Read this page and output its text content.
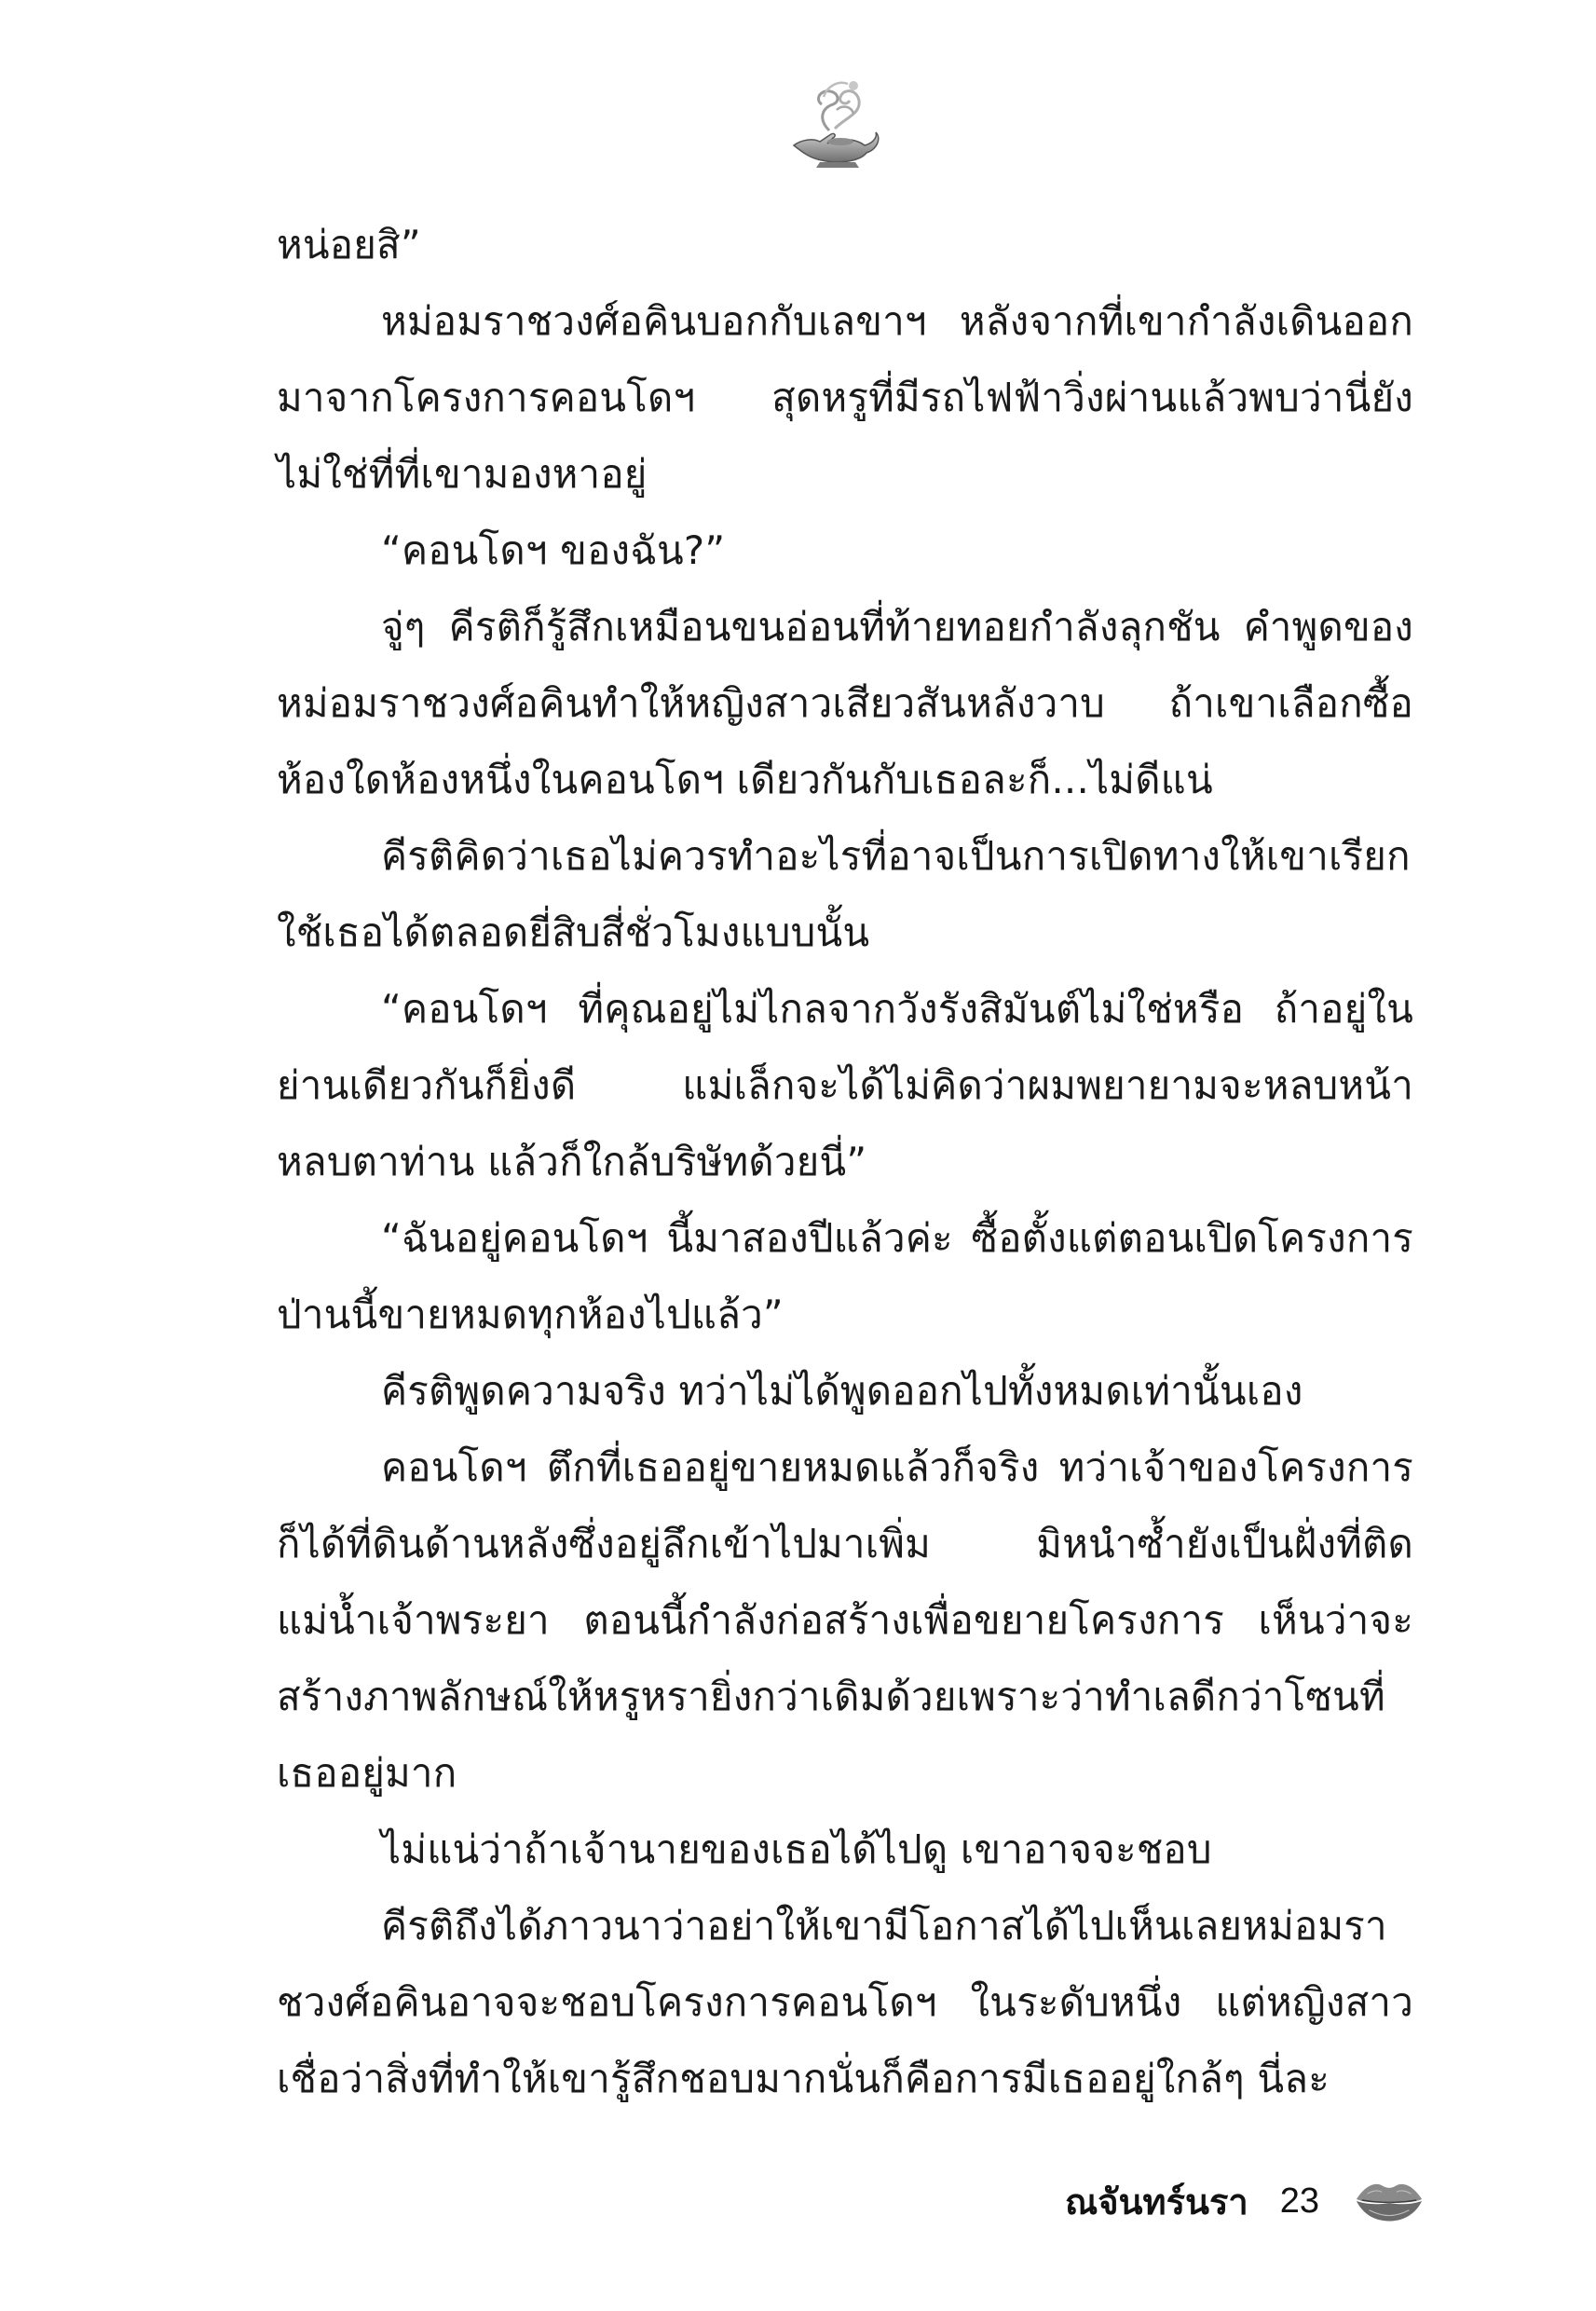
หน่อยสิ”

หม่อมราชวงศ์อคินบอกกับเลขาฯ หลังจากที่เขากำลังเดินออกมาจากโครงการคอนโดฯ สุดหรูที่มีรถไฟฟ้าวิ่งผ่านแล้วพบว่านี่ยังไม่ใช่ที่ที่เขามองหาอยู่

“คอนโดฯ ของฉัน?”

จู่ๆ คีรติก็รู้สึกเหมือนขนอ่อนที่ท้ายทอยกำลังลุกชัน คำพูดของหม่อมราชวงศ์อคินทำให้หญิงสาวเสียวสันหลังวาบ ถ้าเขาเลือกซื้อห้องใดห้องหนึ่งในคอนโดฯ เดียวกันกับเธอละก็...ไม่ดีแน่

คีรติคิดว่าเธอไม่ควรทำอะไรที่อาจเป็นการเปิดทางให้เขาเรียกใช้เธอได้ตลอดยี่สิบสี่ชั่วโมงแบบนั้น

“คอนโดฯ ที่คุณอยู่ไม่ไกลจากวังรังสิมันต์ไม่ใช่หรือ ถ้าอยู่ในย่านเดียวกันก็ยิ่งดี แม่เล็กจะได้ไม่คิดว่าผมพยายามจะหลบหน้าหลบตาท่าน แล้วก็ใกล้บริษัทด้วยนี่”

“ฉันอยู่คอนโดฯ นี้มาสองปีแล้วค่ะ ซื้อตั้งแต่ตอนเปิดโครงการป่านนี้ขายหมดทุกห้องไปแล้ว”

คีรติพูดความจริง ทว่าไม่ได้พูดออกไปทั้งหมดเท่านั้นเอง

คอนโดฯ ตึกที่เธออยู่ขายหมดแล้วก็จริง ทว่าเจ้าของโครงการก็ได้ที่ดินด้านหลังซึ่งอยู่ลึกเข้าไปมาเพิ่ม มิหนำซ้ำยังเป็นฝั่งที่ติดแม่น้ำเจ้าพระยา ตอนนี้กำลังก่อสร้างเพื่อขยายโครงการ เห็นว่าจะสร้างภาพลักษณ์ให้หรูหรายิ่งกว่าเดิมด้วยเพราะว่าทำเลดีกว่าโซนที่เธออยู่มาก

ไม่แน่ว่าถ้าเจ้านายของเธอได้ไปดู เขาอาจจะชอบ

คีรติถึงได้ภาวนาว่าอย่าให้เขามีโอกาสได้ไปเห็นเลยหม่อมราชวงศ์อคินอาจจะชอบโครงการคอนโดฯ ในระดับหนึ่ง แต่หญิงสาวเชื่อว่าสิ่งที่ทำให้เขารู้สึกชอบมากนั่นก็คือการมีเธออยู่ใกล้ๆ นี่ละ

ณจันทร์นรา 23
